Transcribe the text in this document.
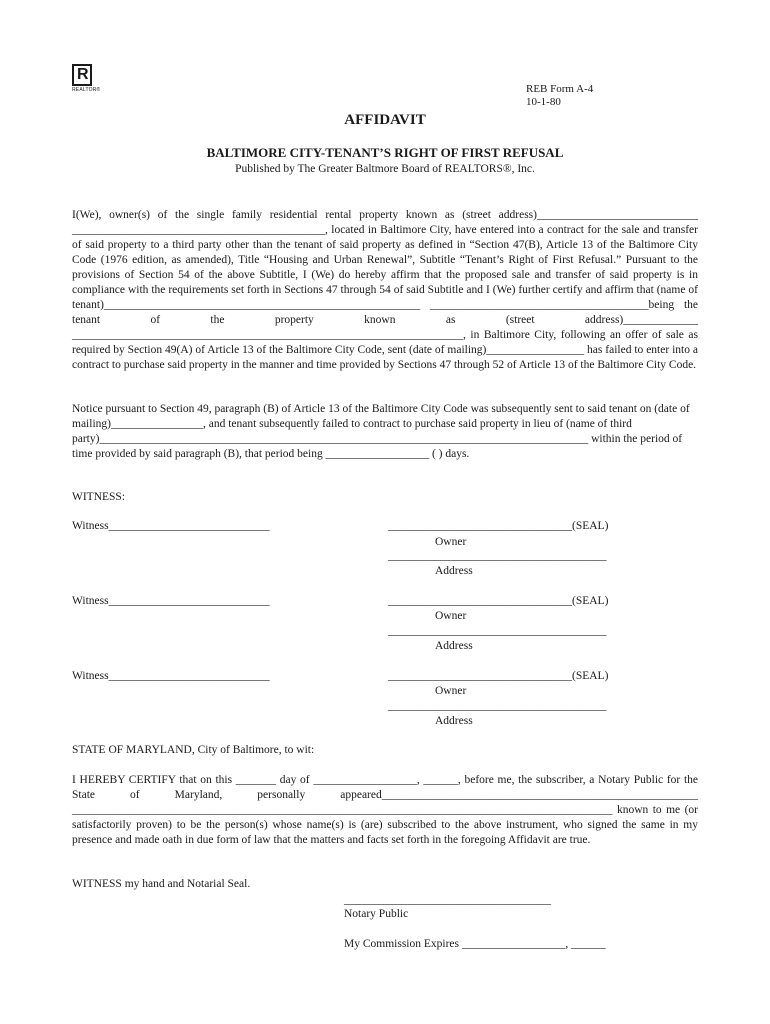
R
REALTOR®	REB Form A-4
10-1-80
AFFIDAVIT
BALTIMORE CITY-TENANT’S RIGHT OF FIRST REFUSAL
Published by The Greater Baltmore Board of REALTORS®, Inc.

I(We), owner(s) of the single family residential rental property known as (street address)____________________________ ____________________________________________, located in Baltimore City, have entered into a contract for the sale and transfer of said property to a third party other than the tenant of said property as defined in “Section 47(B), Article 13 of the Baltimore City Code (1976 edition, as amended), Title “Housing and Urban Renewal”, Subtitle “Tenant’s Right of First Refusal.” Pursuant to the provisions of Section 54 of the above Subtitle, I (We) do hereby affirm that the proposed sale and transfer of said property is in compliance with the requirements set forth in Sections 47 through 54 of said Subtitle and I (We) further certify and affirm that (name of tenant)_______________________________________________________ ______________________________________being the tenant of the property known as (street address)_____________ ____________________________________________________________________, in Baltimore City, following an offer of sale as required by Section 49(A) of Article 13 of the Baltimore City Code, sent (date of mailing)_________________ has failed to enter into a contract to purchase said property in the manner and time provided by Sections 47 through 52 of Article 13 of the Baltimore City Code.

Notice pursuant to Section 49, paragraph (B) of Article 13 of the Baltimore City Code was subsequently sent to said tenant on (date of mailing)________________, and tenant subsequently failed to contract to purchase said property in lieu of (name of third party)_____________________________________________________________________________________ within the period of time provided by said paragraph (B), that period being __________________ ( ) days.

WITNESS:
Witness____________________________	________________________________(SEAL)
Owner
______________________________________
Address
Witness____________________________	________________________________(SEAL)
Owner
______________________________________
Address
Witness____________________________	________________________________(SEAL)
Owner
______________________________________
Address
STATE OF MARYLAND, City of Baltimore, to wit:

I HEREBY CERTIFY that on this _______ day of __________________, ______, before me, the subscriber, a Notary Public for the State of Maryland, personally appeared_______________________________________________________ ______________________________________________________________________________________________ known to me (or satisfactorily proven) to be the person(s) whose name(s) is (are) subscribed to the above instrument, who signed the same in my presence and made oath in due form of law that the matters and facts set forth in the foregoing Affidavit are true.

WITNESS my hand and Notarial Seal.
____________________________________
Notary Public
My Commission Expires __________________, ______
